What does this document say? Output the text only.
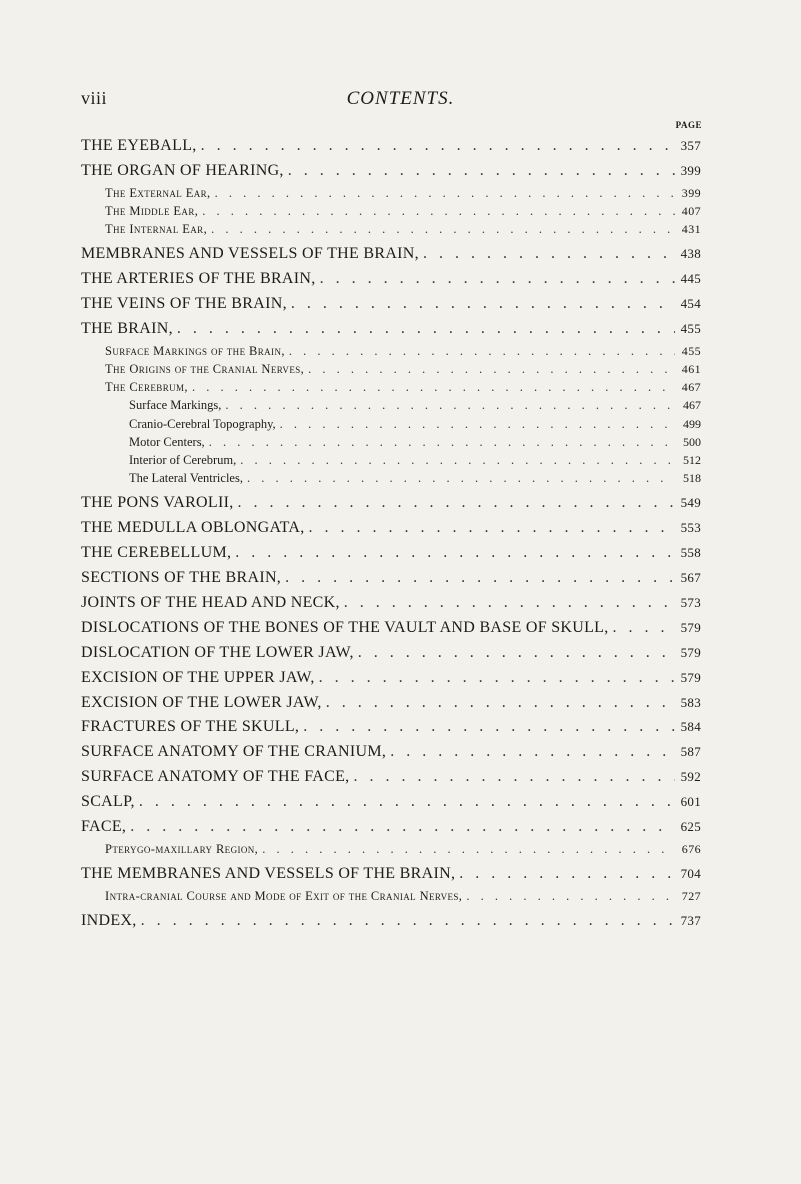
viii	CONTENTS.
PAGE
THE EYEBALL, . . .	357
THE ORGAN OF HEARING, . . .	399
The External Ear, . . .	399
The Middle Ear, . . .	407
The Internal Ear, . . .	431
MEMBRANES AND VESSELS OF THE BRAIN, . . .	438
THE ARTERIES OF THE BRAIN, . . .	445
THE VEINS OF THE BRAIN, . . .	454
THE BRAIN, . . .	455
Surface Markings of the Brain, . . .	455
The Origins of the Cranial Nerves, . . .	461
The Cerebrum, . . .	467
Surface Markings, . . .	467
Cranio-Cerebral Topography, . . .	499
Motor Centers, . . .	500
Interior of Cerebrum, . . .	512
The Lateral Ventricles, . . .	518
THE PONS VAROLII, . . .	549
THE MEDULLA OBLONGATA, . . .	553
THE CEREBELLUM, . . .	558
SECTIONS OF THE BRAIN, . . .	567
JOINTS OF THE HEAD AND NECK, . . .	573
DISLOCATIONS OF THE BONES OF THE VAULT AND BASE OF SKULL, . . .	579
DISLOCATION OF THE LOWER JAW, . . .	579
EXCISION OF THE UPPER JAW, . . .	579
EXCISION OF THE LOWER JAW, . . .	583
FRACTURES OF THE SKULL, . . .	584
SURFACE ANATOMY OF THE CRANIUM, . . .	587
SURFACE ANATOMY OF THE FACE, . . .	592
SCALP, . . .	601
FACE, . . .	625
Pterygo-maxillary Region, . . .	676
THE MEMBRANES AND VESSELS OF THE BRAIN, . . .	704
Intra-cranial Course and Mode of Exit of the Cranial Nerves, . . .	727
INDEX, . . .	737
